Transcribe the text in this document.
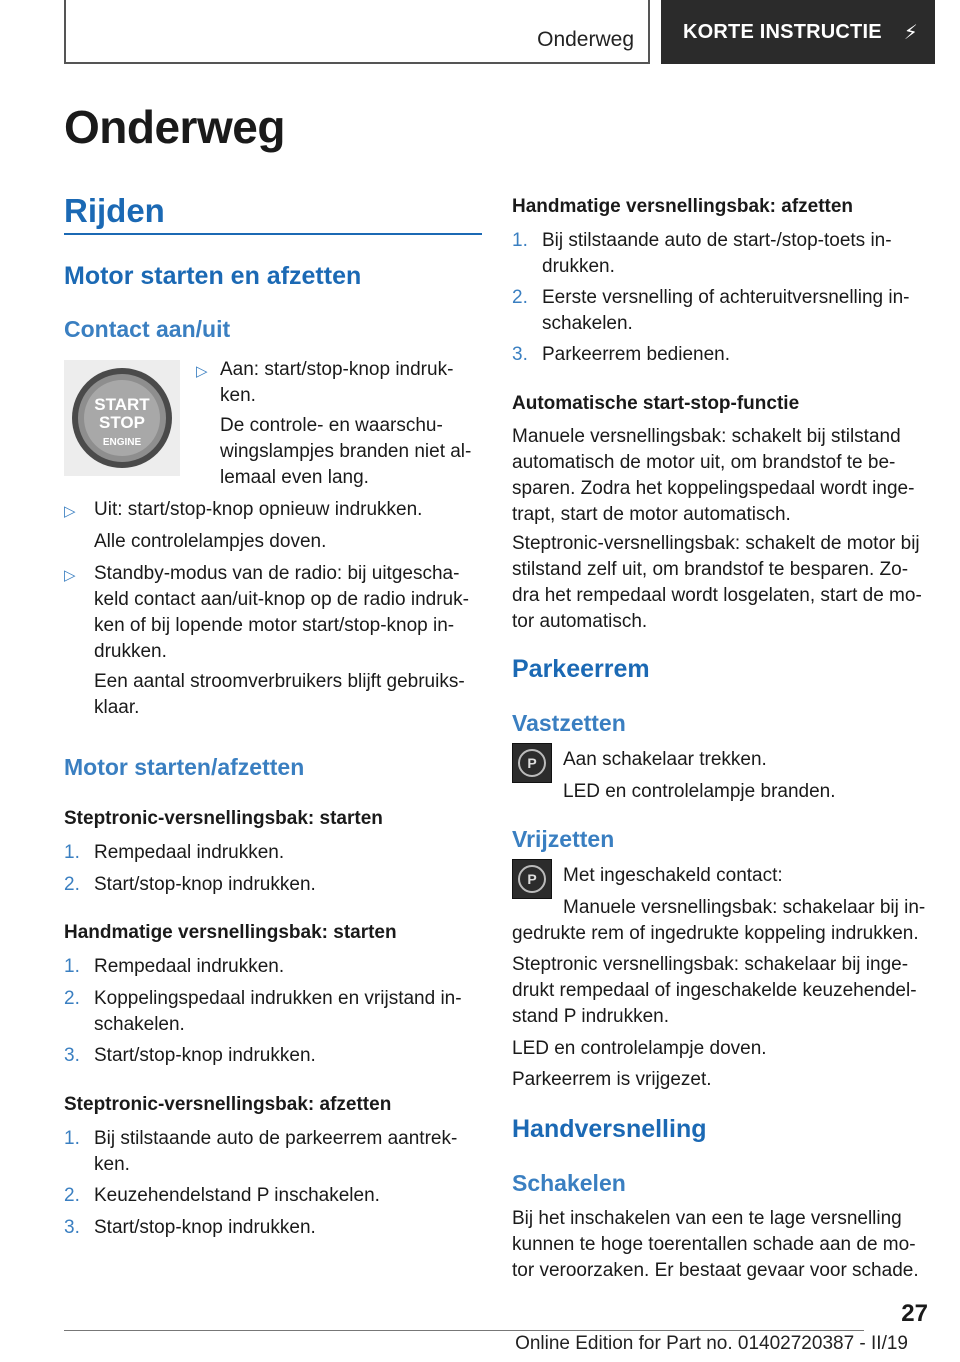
Onderweg KORTE INSTRUCTIE ⚡
Onderweg
Rijden
Motor starten en afzetten
Contact aan/uit
START
STOP
ENGINE
▷ Aan: start/stop-knop indruk-
ken.
De controle- en waarschu-
wingslampjes branden niet al-
lemaal even lang.
▷ Uit: start/stop-knop opnieuw indrukken.
Alle controlelampjes doven.
▷ Standby-modus van de radio: bij uitgescha-
keld contact aan/uit-knop op de radio indruk-
ken of bij lopende motor start/stop-knop in-
drukken.
Een aantal stroomverbruikers blijft gebruiks-
klaar.
Motor starten/afzetten
Steptronic-versnellingsbak: starten
1. Rempedaal indrukken.
2. Start/stop-knop indrukken.
Handmatige versnellingsbak: starten
1. Rempedaal indrukken.
2. Koppelingspedaal indrukken en vrijstand in-
schakelen.
3. Start/stop-knop indrukken.
Steptronic-versnellingsbak: afzetten
1. Bij stilstaande auto de parkeerrem aantrek-
ken.
2. Keuzehendelstand P inschakelen.
3. Start/stop-knop indrukken.
Handmatige versnellingsbak: afzetten
1. Bij stilstaande auto de start-/stop-toets in-
drukken.
2. Eerste versnelling of achteruitversnelling in-
schakelen.
3. Parkeerrem bedienen.
Automatische start-stop-functie
Manuele versnellingsbak: schakelt bij stilstand
automatisch de motor uit, om brandstof te be-
sparen. Zodra het koppelingspedaal wordt inge-
trapt, start de motor automatisch.
Steptronic-versnellingsbak: schakelt de motor bij
stilstand zelf uit, om brandstof te besparen. Zo-
dra het rempedaal wordt losgelaten, start de mo-
tor automatisch.
Parkeerrem
Vastzetten
P	Aan schakelaar trekken.
LED en controlelampje branden.
Vrijzetten
P	Met ingeschakeld contact:
Manuele versnellingsbak: schakelaar bij in-
gedrukte rem of ingedrukte koppeling indrukken.
Steptronic versnellingsbak: schakelaar bij inge-
drukt rempedaal of ingeschakelde keuzehendel-
stand P indrukken.
LED en controlelampje doven.
Parkeerrem is vrijgezet.
Handversnelling
Schakelen
Bij het inschakelen van een te lage versnelling
kunnen te hoge toerentallen schade aan de mo-
tor veroorzaken. Er bestaat gevaar voor schade.
27
Online Edition for Part no. 01402720387 - II/19
